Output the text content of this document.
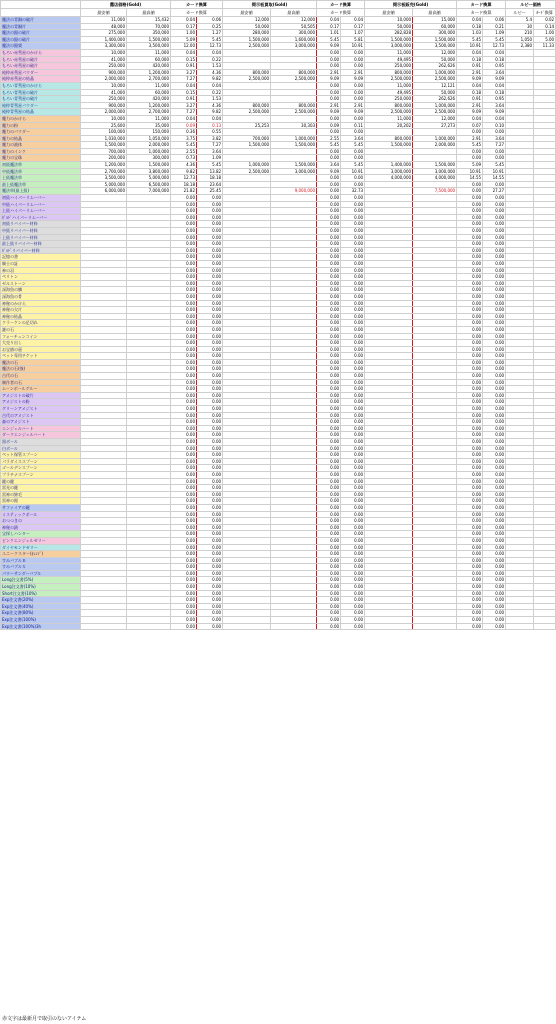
	露店価格(Gold)		カード換算		掲示板買取(Gold)		カード換算		掲示板販売(Gold)		カード換算		ルビー価格	
	最安値	最高値	カード換算		最安値	最高値	カード換算		最安値	最高値	カード換算		ルビー	ｶｰﾄﾞ換算
魔法の青銅の破片	11,000	15,432	0.04	0.06	12,000	12,000	0.04	0.04	10,000	15,000	0.04	0.06	5.4	0.02
魔法の青銅片	48,000	70,000	0.17	0.25	50,000	50,505	0.17	0.17	50,000	60,000	0.18	0.21	30	0.14
魔法の銀の破片	275,000	350,000	1.00	1.27	280,000	300,000	1.01	1.07	282,828	300,000	1.03	1.09	210	1.00
魔法の銀の破片	1,400,000	1,500,000	5.09	5.45	1,500,000	1,600,000	5.45	5.81	1,500,000	1,500,000	5.45	5.45	1,050	5.00
魔法の銀貨	3,300,000	3,500,000	12.00	12.73	2,500,000	3,000,000	9.09	10.91	3,000,000	3,500,000	10.91	12.73	2,380	11.33
もろい赤彗星のかけら	10,000	11,000	0.04	0.04			0.00	0.00	11,000	12,000	0.04	0.04		
もろい赤彗星の破片	41,000	60,000	0.15	0.22			0.00	0.00	49,495	50,000	0.18	0.18		
もろい赤彗星の破片	250,000	420,000	0.91	1.53			0.00	0.00	250,000	262,626	0.91	0.95		
純粋赤彗星パウダー	900,000	1,200,000	3.27	4.36	800,000	800,000	2.91	2.91	800,000	1,000,000	2.91	3.64		
純粋赤彗星の結晶	2,000,000	2,700,000	7.27	9.82	2,500,000	2,500,000	9.09	9.09	2,500,000	2,500,000	9.09	9.09		
もろい青彗星のかけら	10,000	11,000	0.04	0.04			0.00	0.00	11,000	12,121	0.04	0.04		
もろい青彗星の破片	41,000	60,000	0.15	0.22			0.00	0.00	49,495	50,000	0.18	0.18		
もろい青彗星の破片	250,000	420,000	0.91	1.53			0.00	0.00	250,000	262,626	0.91	0.95		
純粋青彗星パウダー	900,000	1,200,000	3.27	4.36	800,000	800,000	2.91	2.91	800,000	1,000,000	2.91	3.64		
純粋青彗星の結晶	2,000,000	2,700,000	7.27	9.82	2,500,000	2,500,000	9.09	9.09	2,500,000	2,500,000	9.09	9.09		
魔力のかけら	10,000	11,000	0.04	0.04			0.00	0.00	11,000	12,000	0.04	0.04		
魔力の粉	25,600	35,000	0.09	0.13	25,253	30,303	0.09	0.11	20,202	27,273	0.07	0.10		
魔力のパウダー	100,000	150,000	0.36	0.55			0.00	0.00			0.00	0.00		
魔力の結晶	1,030,000	1,050,000	3.75	3.82	700,000	1,000,000	2.55	3.64	800,000	1,000,000	2.91	3.64		
魔力の液体	1,500,000	2,000,000	5.45	7.27	1,500,000	1,500,000	5.45	5.45	1,500,000	2,000,000	5.45	7.27		
魔力のインク	700,000	1,000,000	2.55	3.64			0.00	0.00			0.00	0.00		
魔力の宝珠	200,000	300,000	0.73	1.09			0.00	0.00			0.00	0.00		
初級魔法草	1,200,000	1,500,000	4.36	5.45	1,000,000	1,500,000	3.64	5.45	1,400,000	1,500,000	5.09	5.45		
中級魔法草	2,700,000	3,800,000	9.82	13.82	2,500,000	3,000,000	9.09	10.91	3,000,000	3,000,000	10.91	10.91		
上級魔法草	3,500,000	5,000,000	12.73	18.18			0.00	0.00	4,000,000	4,000,000	14.55	14.55		
最上級魔法草	5,000,000	6,500,000	18.18	23.64			0.00	0.00			0.00	0.00		
魔法草(最上級)	6,000,000	7,000,000	21.82	25.45		9,000,000	0.00	32.73		7,500,000	0.00	27.27		
初級ハイパーリムーバー			0.00	0.00			0.00	0.00			0.00	0.00		
中級ハイパーリムーバー			0.00	0.00			0.00	0.00			0.00	0.00		
上級ハイパーリムーバー			0.00	0.00			0.00	0.00			0.00	0.00		
ｷﾞﾙﾄﾞハイパーリムーバー			0.00	0.00			0.00	0.00			0.00	0.00		
初級リバイバー材料			0.00	0.00			0.00	0.00			0.00	0.00		
中級リバイバー材料			0.00	0.00			0.00	0.00			0.00	0.00		
上級リバイバー材料			0.00	0.00			0.00	0.00			0.00	0.00		
最上級リバイバー材料			0.00	0.00			0.00	0.00			0.00	0.00		
ｷﾞﾙﾄﾞリバイバー材料			0.00	0.00			0.00	0.00			0.00	0.00		
記憶の書			0.00	0.00			0.00	0.00			0.00	0.00		
騎士の証			0.00	0.00			0.00	0.00			0.00	0.00		
神の羽			0.00	0.00			0.00	0.00			0.00	0.00		
ペリトン			0.00	0.00			0.00	0.00			0.00	0.00		
ゼルストーン			0.00	0.00			0.00	0.00			0.00	0.00		
深海魚の鱗			0.00	0.00			0.00	0.00			0.00	0.00		
深海魚の骨			0.00	0.00			0.00	0.00			0.00	0.00		
神秘のかけら			0.00	0.00			0.00	0.00			0.00	0.00		
神秘の欠片			0.00	0.00			0.00	0.00			0.00	0.00		
神秘の結晶			0.00	0.00			0.00	0.00			0.00	0.00		
クラーケンの足切れ			0.00	0.00			0.00	0.00			0.00	0.00		
謎の石			0.00	0.00			0.00	0.00			0.00	0.00		
フォーチュンコイン			0.00	0.00			0.00	0.00			0.00	0.00		
大売り出し			0.00	0.00			0.00	0.00			0.00	0.00		
お宝値の壺			0.00	0.00			0.00	0.00			0.00	0.00		
ペット専用チケット			0.00	0.00			0.00	0.00			0.00	0.00		
魔法の石			0.00	0.00			0.00	0.00			0.00	0.00		
魔法の石(強)			0.00	0.00			0.00	0.00			0.00	0.00		
古代の石			0.00	0.00			0.00	0.00			0.00	0.00		
制作者の石			0.00	0.00			0.00	0.00			0.00	0.00		
ムーンボールグルー			0.00	0.00			0.00	0.00			0.00	0.00		
アメジストの破片			0.00	0.00			0.00	0.00			0.00	0.00		
アメジストの粉			0.00	0.00			0.00	0.00			0.00	0.00		
グリーンアメジスト			0.00	0.00			0.00	0.00			0.00	0.00		
古代のアメジスト			0.00	0.00			0.00	0.00			0.00	0.00		
森のアメジスト			0.00	0.00			0.00	0.00			0.00	0.00		
エンジェルハート			0.00	0.00			0.00	0.00			0.00	0.00		
ダークエンジェルハート			0.00	0.00			0.00	0.00			0.00	0.00		
黒ボール			0.00	0.00			0.00	0.00			0.00	0.00		
白ボール			0.00	0.00			0.00	0.00			0.00	0.00		
ペット保管スプーン			0.00	0.00			0.00	0.00			0.00	0.00		
パラダイススプーン			0.00	0.00			0.00	0.00			0.00	0.00		
ゴールデンスプーン			0.00	0.00			0.00	0.00			0.00	0.00		
プラチナスプーン			0.00	0.00			0.00	0.00			0.00	0.00		
鍵の鍵			0.00	0.00			0.00	0.00			0.00	0.00		
雷光の鍵			0.00	0.00			0.00	0.00			0.00	0.00		
雷神の綿毛			0.00	0.00			0.00	0.00			0.00	0.00		
雷神の鎧			0.00	0.00			0.00	0.00			0.00	0.00		
サファイアの鍵			0.00	0.00			0.00	0.00			0.00	0.00		
ミスティックボール			0.00	0.00			0.00	0.00			0.00	0.00		
おつつきの			0.00	0.00			0.00	0.00			0.00	0.00		
神秘の鎖			0.00	0.00			0.00	0.00			0.00	0.00		
宝探しハンター			0.00	0.00			0.00	0.00			0.00	0.00		
ピンクエンジェルゼリー			0.00	0.00			0.00	0.00			0.00	0.00		
ダイヤモンドゼリー			0.00	0.00			0.00	0.00			0.00	0.00		
ユニークスター(ｵﾚﾝｼﾞ)			0.00	0.00			0.00	0.00			0.00	0.00		
すみバブルＢ			0.00	0.00			0.00	0.00			0.00	0.00		
すみバブルＸ			0.00	0.00			0.00	0.00			0.00	0.00		
パワーサンダーバブル			0.00	0.00			0.00	0.00			0.00	0.00		
Long注文書(5%)			0.00	0.00			0.00	0.00			0.00	0.00		
Long注文書(10%)			0.00	0.00			0.00	0.00			0.00	0.00		
Short注文書(10%)			0.00	0.00			0.00	0.00			0.00	0.00		
Exp注文書(20%)			0.00	0.00			0.00	0.00			0.00	0.00		
Exp注文書(40%)			0.00	0.00			0.00	0.00			0.00	0.00		
Exp注文書(80%)			0.00	0.00			0.00	0.00			0.00	0.00		
Exp注文書(100%)			0.00	0.00			0.00	0.00			0.00	0.00		
Exp注文書(100%)3h			0.00	0.00			0.00	0.00			0.00	0.00		
赤文字は最新月で取引のないアイテム
